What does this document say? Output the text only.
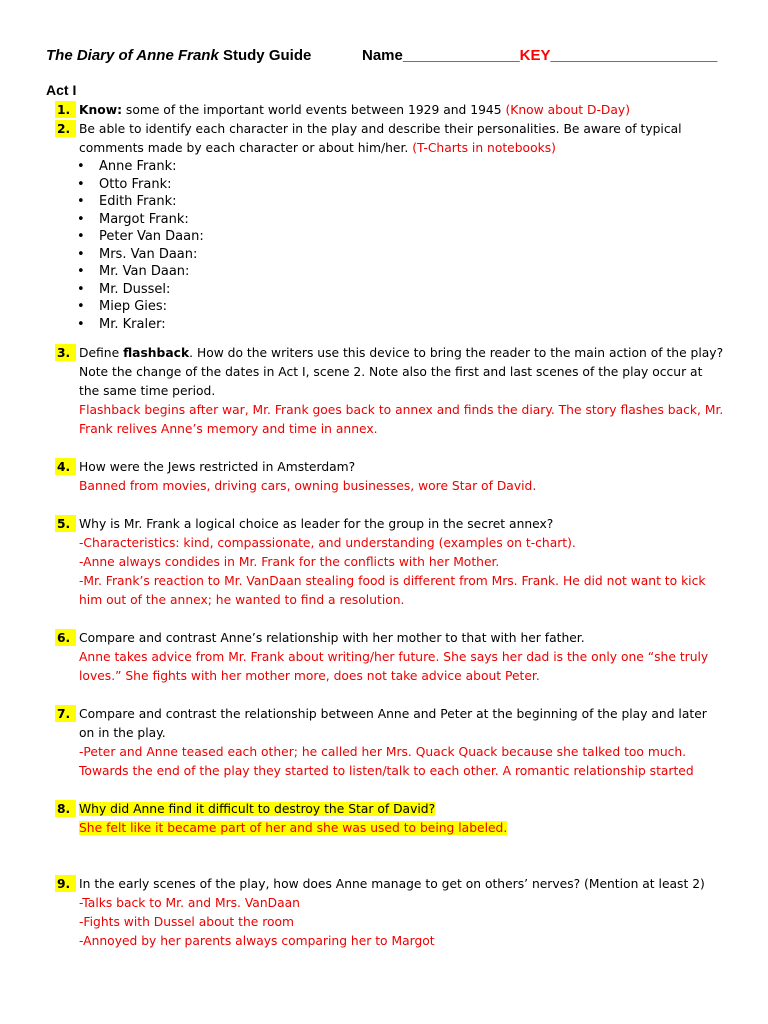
The Diary of Anne Frank Study Guide	Name______________KEY____________________
Act I
1. Know: some of the important world events between 1929 and 1945 (Know about D-Day)
2. Be able to identify each character in the play and describe their personalities. Be aware of typical comments made by each character or about him/her. (T-Charts in notebooks)
• Anne Frank:
• Otto Frank:
• Edith Frank:
• Margot Frank:
• Peter Van Daan:
• Mrs. Van Daan:
• Mr. Van Daan:
• Mr. Dussel:
• Miep Gies:
• Mr. Kraler:
3. Define flashback. How do the writers use this device to bring the reader to the main action of the play? Note the change of the dates in Act I, scene 2. Note also the first and last scenes of the play occur at the same time period.
Flashback begins after war, Mr. Frank goes back to annex and finds the diary. The story flashes back, Mr. Frank relives Anne’s memory and time in annex.
4. How were the Jews restricted in Amsterdam?
Banned from movies, driving cars, owning businesses, wore Star of David.
5. Why is Mr. Frank a logical choice as leader for the group in the secret annex?
-Characteristics: kind, compassionate, and understanding (examples on t-chart).
-Anne always condides in Mr. Frank for the conflicts with her Mother.
-Mr. Frank’s reaction to Mr. VanDaan stealing food is different from Mrs. Frank. He did not want to kick him out of the annex; he wanted to find a resolution.
6. Compare and contrast Anne’s relationship with her mother to that with her father.
Anne takes advice from Mr. Frank about writing/her future. She says her dad is the only one “she truly loves.” She fights with her mother more, does not take advice about Peter.
7. Compare and contrast the relationship between Anne and Peter at the beginning of the play and later on in the play.
-Peter and Anne teased each other; he called her Mrs. Quack Quack because she talked too much.
Towards the end of the play they started to listen/talk to each other. A romantic relationship started
8. Why did Anne find it difficult to destroy the Star of David?
She felt like it became part of her and she was used to being labeled.
9. In the early scenes of the play, how does Anne manage to get on others’ nerves? (Mention at least 2)
-Talks back to Mr. and Mrs. VanDaan
-Fights with Dussel about the room
-Annoyed by her parents always comparing her to Margot
